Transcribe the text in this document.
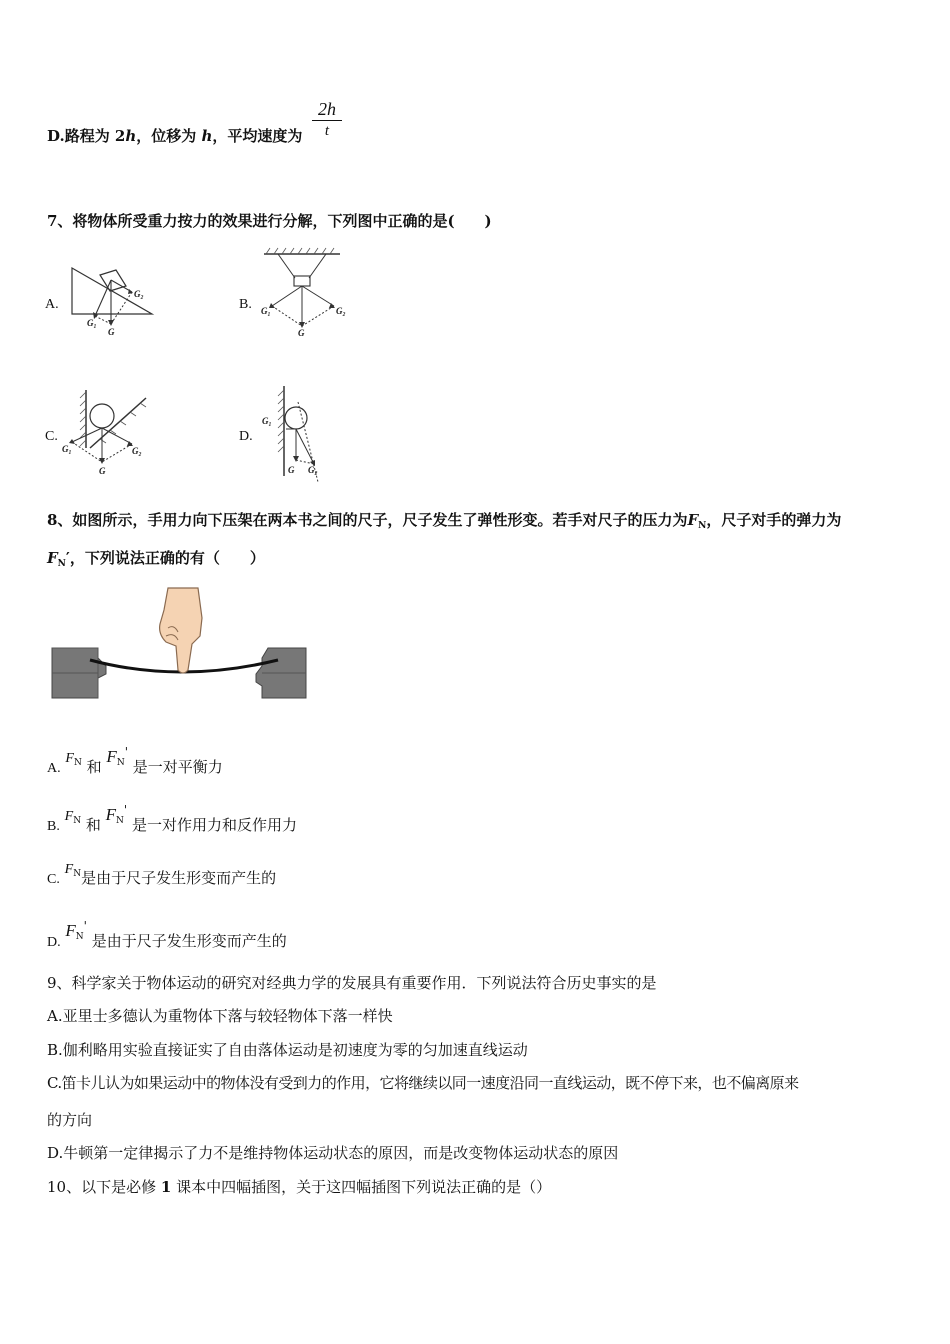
D.路程为 2h，位移为 h，平均速度为
2h
t
7、将物体所受重力按力的效果进行分解，下列图中正确的是(　　)
A.
G₂
G₁
G
B. G₁	G₂
G
C.
G₁	G₂
G
D.
G₁
G G₂
8、如图所示，手用力向下压架在两本书之间的尺子，尺子发生了弹性形变。若手对尺子的压力为$F_N$，尺子对手的弹力为
$F_N'$，下列说法正确的有（　　）
A. $F_N$ 和 $F_N'$ 是一对平衡力
B. $F_N$ 和 $F_N'$ 是一对作用力和反作用力
C. $F_N$是由于尺子发生形变而产生的
D. $F_N'$ 是由于尺子发生形变而产生的
9、科学家关于物体运动的研究对经典力学的发展具有重要作用．下列说法符合历史事实的是
A.亚里士多德认为重物体下落与较轻物体下落一样快
B.伽利略用实验直接证实了自由落体运动是初速度为零的匀加速直线运动
C.笛卡儿认为如果运动中的物体没有受到力的作用，它将继续以同一速度沿同一直线运动，既不停下来，也不偏离原来
的方向
D.牛顿第一定律揭示了力不是维持物体运动状态的原因，而是改变物体运动状态的原因
10、以下是必修 1 课本中四幅插图，关于这四幅插图下列说法正确的是（）
